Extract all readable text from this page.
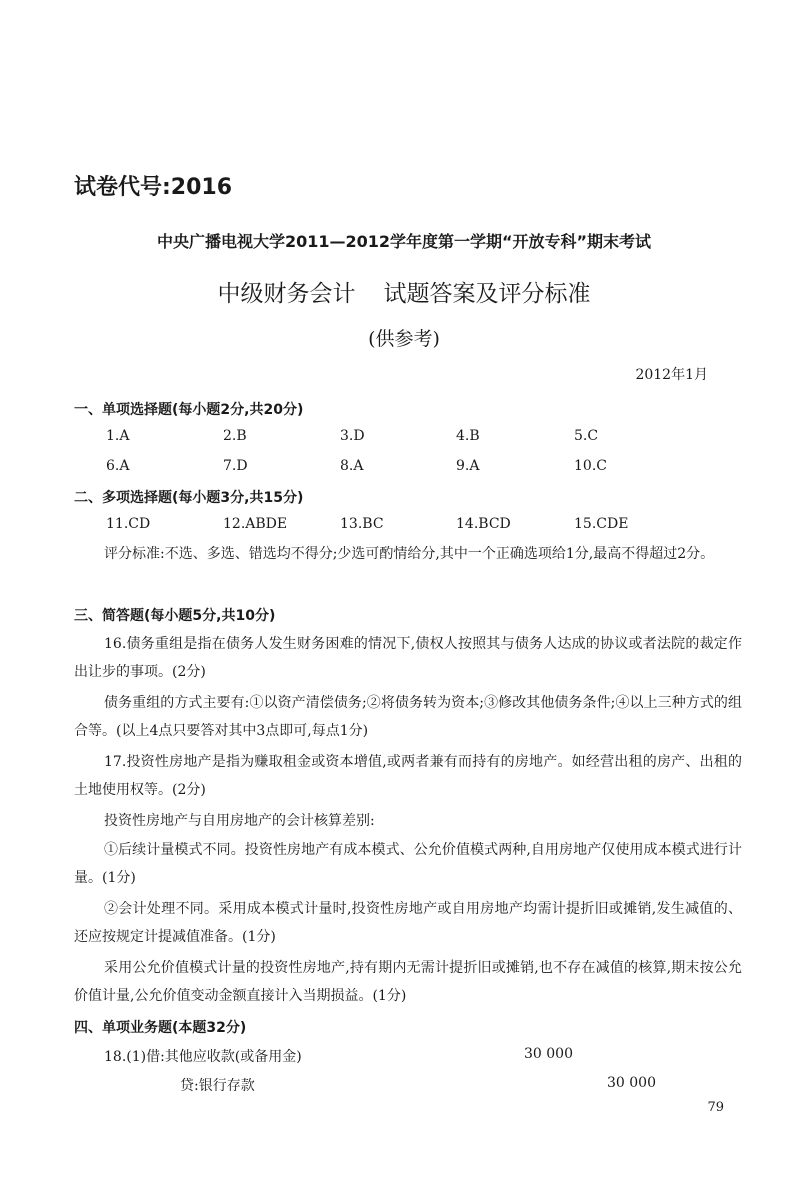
试卷代号:2016
中央广播电视大学2011—2012学年度第一学期“开放专科”期末考试
中级财务会计 试题答案及评分标准
(供参考)
2012年1月
一、单项选择题(每小题2分,共20分)
1.A	2.B	3.D	4.B	5.C
6.A	7.D	8.A	9.A	10.C
二、多项选择题(每小题3分,共15分)
11.CD	12.ABDE	13.BC	14.BCD	15.CDE
评分标准:不选、多选、错选均不得分;少选可酌情给分,其中一个正确选项给1分,最高不得超过2分。
三、简答题(每小题5分,共10分)
16.债务重组是指在债务人发生财务困难的情况下,债权人按照其与债务人达成的协议或者法院的裁定作出让步的事项。(2分)
债务重组的方式主要有:①以资产清偿债务;②将债务转为资本;③修改其他债务条件;④以上三种方式的组合等。(以上4点只要答对其中3点即可,每点1分)
17.投资性房地产是指为赚取租金或资本增值,或两者兼有而持有的房地产。如经营出租的房产、出租的土地使用权等。(2分)
投资性房地产与自用房地产的会计核算差别:
①后续计量模式不同。投资性房地产有成本模式、公允价值模式两种,自用房地产仅使用成本模式进行计量。(1分)
②会计处理不同。采用成本模式计量时,投资性房地产或自用房地产均需计提折旧或摊销,发生减值的、还应按规定计提减值准备。(1分)
采用公允价值模式计量的投资性房地产,持有期内无需计提折旧或摊销,也不存在减值的核算,期末按公允价值计量,公允价值变动金额直接计入当期损益。(1分)
四、单项业务题(本题32分)
18.(1)借:其他应收款(或备用金)	30 000
贷:银行存款	30 000
79
